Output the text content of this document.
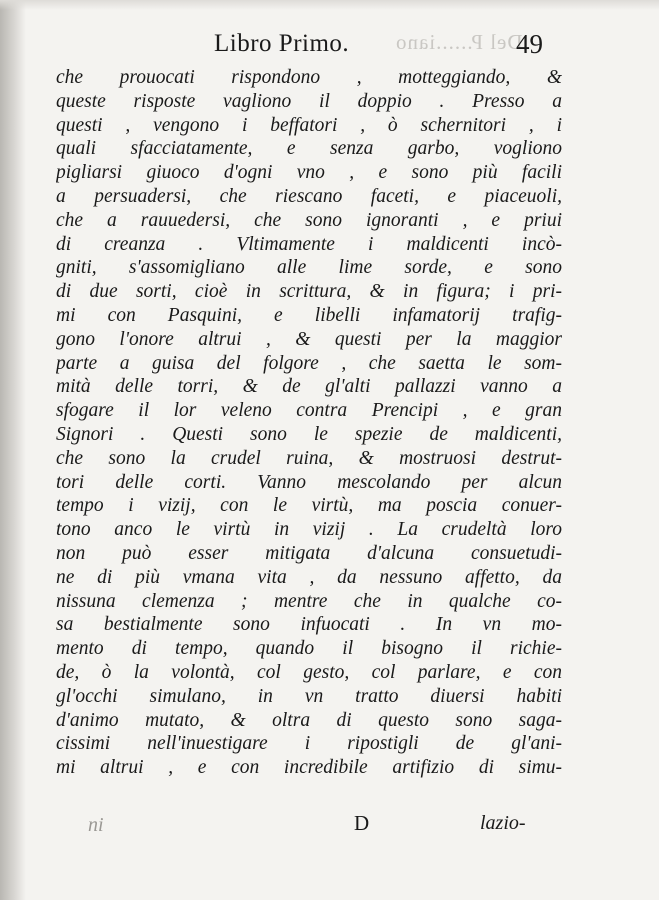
Del P......iano
Libro Primo.	49
che prouocati rispondono , motteggiando, &
queste risposte vagliono il doppio . Presso a
questi , vengono i beffatori , ò schernitori , i
quali sfacciatamente, e senza garbo, vogliono
pigliarsi giuoco d'ogni vno , e sono più facili
a persuadersi, che riescano faceti, e piaceuoli,
che a rauuedersi, che sono ignoranti , e priui
di creanza . Vltimamente i maldicenti incò-
gniti, s'assomigliano alle lime sorde, e sono
di due sorti, cioè in scrittura, & in figura; i pri-
mi con Pasquini, e libelli infamatorij trafig-
gono l'onore altrui , & questi per la maggior
parte a guisa del folgore , che saetta le som-
mità delle torri, & de gl'alti pallazzi vanno a
sfogare il lor veleno contra Prencipi , e gran
Signori . Questi sono le spezie de maldicenti,
che sono la crudel ruina, & mostruosi destrut-
tori delle corti. Vanno mescolando per alcun
tempo i vizij, con le virtù, ma poscia conuer-
tono anco le virtù in vizij . La crudeltà loro
non può esser mitigata d'alcuna consuetudi-
ne di più vmana vita , da nessuno affetto, da
nissuna clemenza ; mentre che in qualche co-
sa bestialmente sono infuocati . In vn mo-
mento di tempo, quando il bisogno il richie-
de, ò la volontà, col gesto, col parlare, e con
gl'occhi simulano, in vn tratto diuersi habiti
d'animo mutato, & oltra di questo sono saga-
cissimi nell'inuestigare i ripostigli de gl'ani-
mi altrui , e con incredibile artifizio di simu-
ni	D	lazio-
